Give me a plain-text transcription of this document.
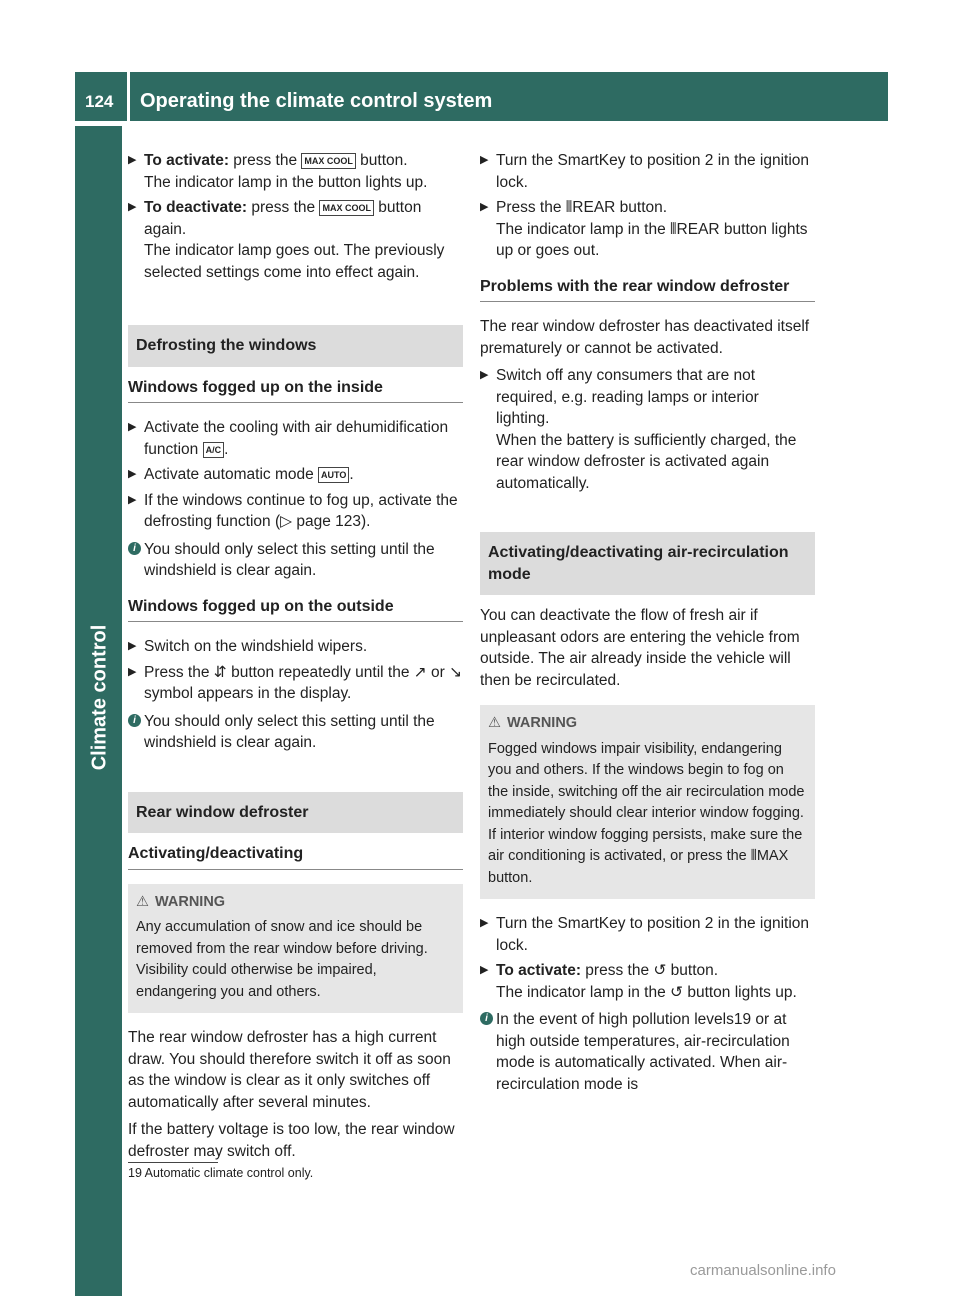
124 Operating the climate control system
Climate control
▶ To activate: press the MAX COOL button.
The indicator lamp in the button lights up.
▶ To deactivate: press the MAX COOL button again.
The indicator lamp goes out. The previously selected settings come into effect again.
Defrosting the windows
Windows fogged up on the inside
▶ Activate the cooling with air dehumidification function A/C .
▶ Activate automatic mode AUTO .
▶ If the windows continue to fog up, activate the defrosting function (▷ page 123).
i You should only select this setting until the windshield is clear again.
Windows fogged up on the outside
▶ Switch on the windshield wipers.
▶ Press the ⇵ button repeatedly until the ↗ or ↘ symbol appears in the display.
i You should only select this setting until the windshield is clear again.
Rear window defroster
Activating/deactivating
⚠ WARNING
Any accumulation of snow and ice should be removed from the rear window before driving. Visibility could otherwise be impaired, endangering you and others.

The rear window defroster has a high current draw. You should therefore switch it off as soon as the window is clear as it only switches off automatically after several minutes.

If the battery voltage is too low, the rear window defroster may switch off.

▶ Turn the SmartKey to position 2 in the ignition lock.
▶ Press the ⫴REAR button.
The indicator lamp in the ⫴REAR button lights up or goes out.
Problems with the rear window defroster

The rear window defroster has deactivated itself prematurely or cannot be activated.

▶ Switch off any consumers that are not required, e.g. reading lamps or interior lighting.
When the battery is sufficiently charged, the rear window defroster is activated again automatically.
Activating/deactivating air-recirculation mode

You can deactivate the flow of fresh air if unpleasant odors are entering the vehicle from outside. The air already inside the vehicle will then be recirculated.

⚠ WARNING
Fogged windows impair visibility, endangering you and others. If the windows begin to fog on the inside, switching off the air recirculation mode immediately should clear interior window fogging. If interior window fogging persists, make sure the air conditioning is activated, or press the ⫴MAX button.
▶ Turn the SmartKey to position 2 in the ignition lock.
▶ To activate: press the ↺ button.
The indicator lamp in the ↺ button lights up.
i In the event of high pollution levels19 or at high outside temperatures, air-recirculation mode is automatically activated. When air-recirculation mode is
19 Automatic climate control only.
carmanualsonline.info
